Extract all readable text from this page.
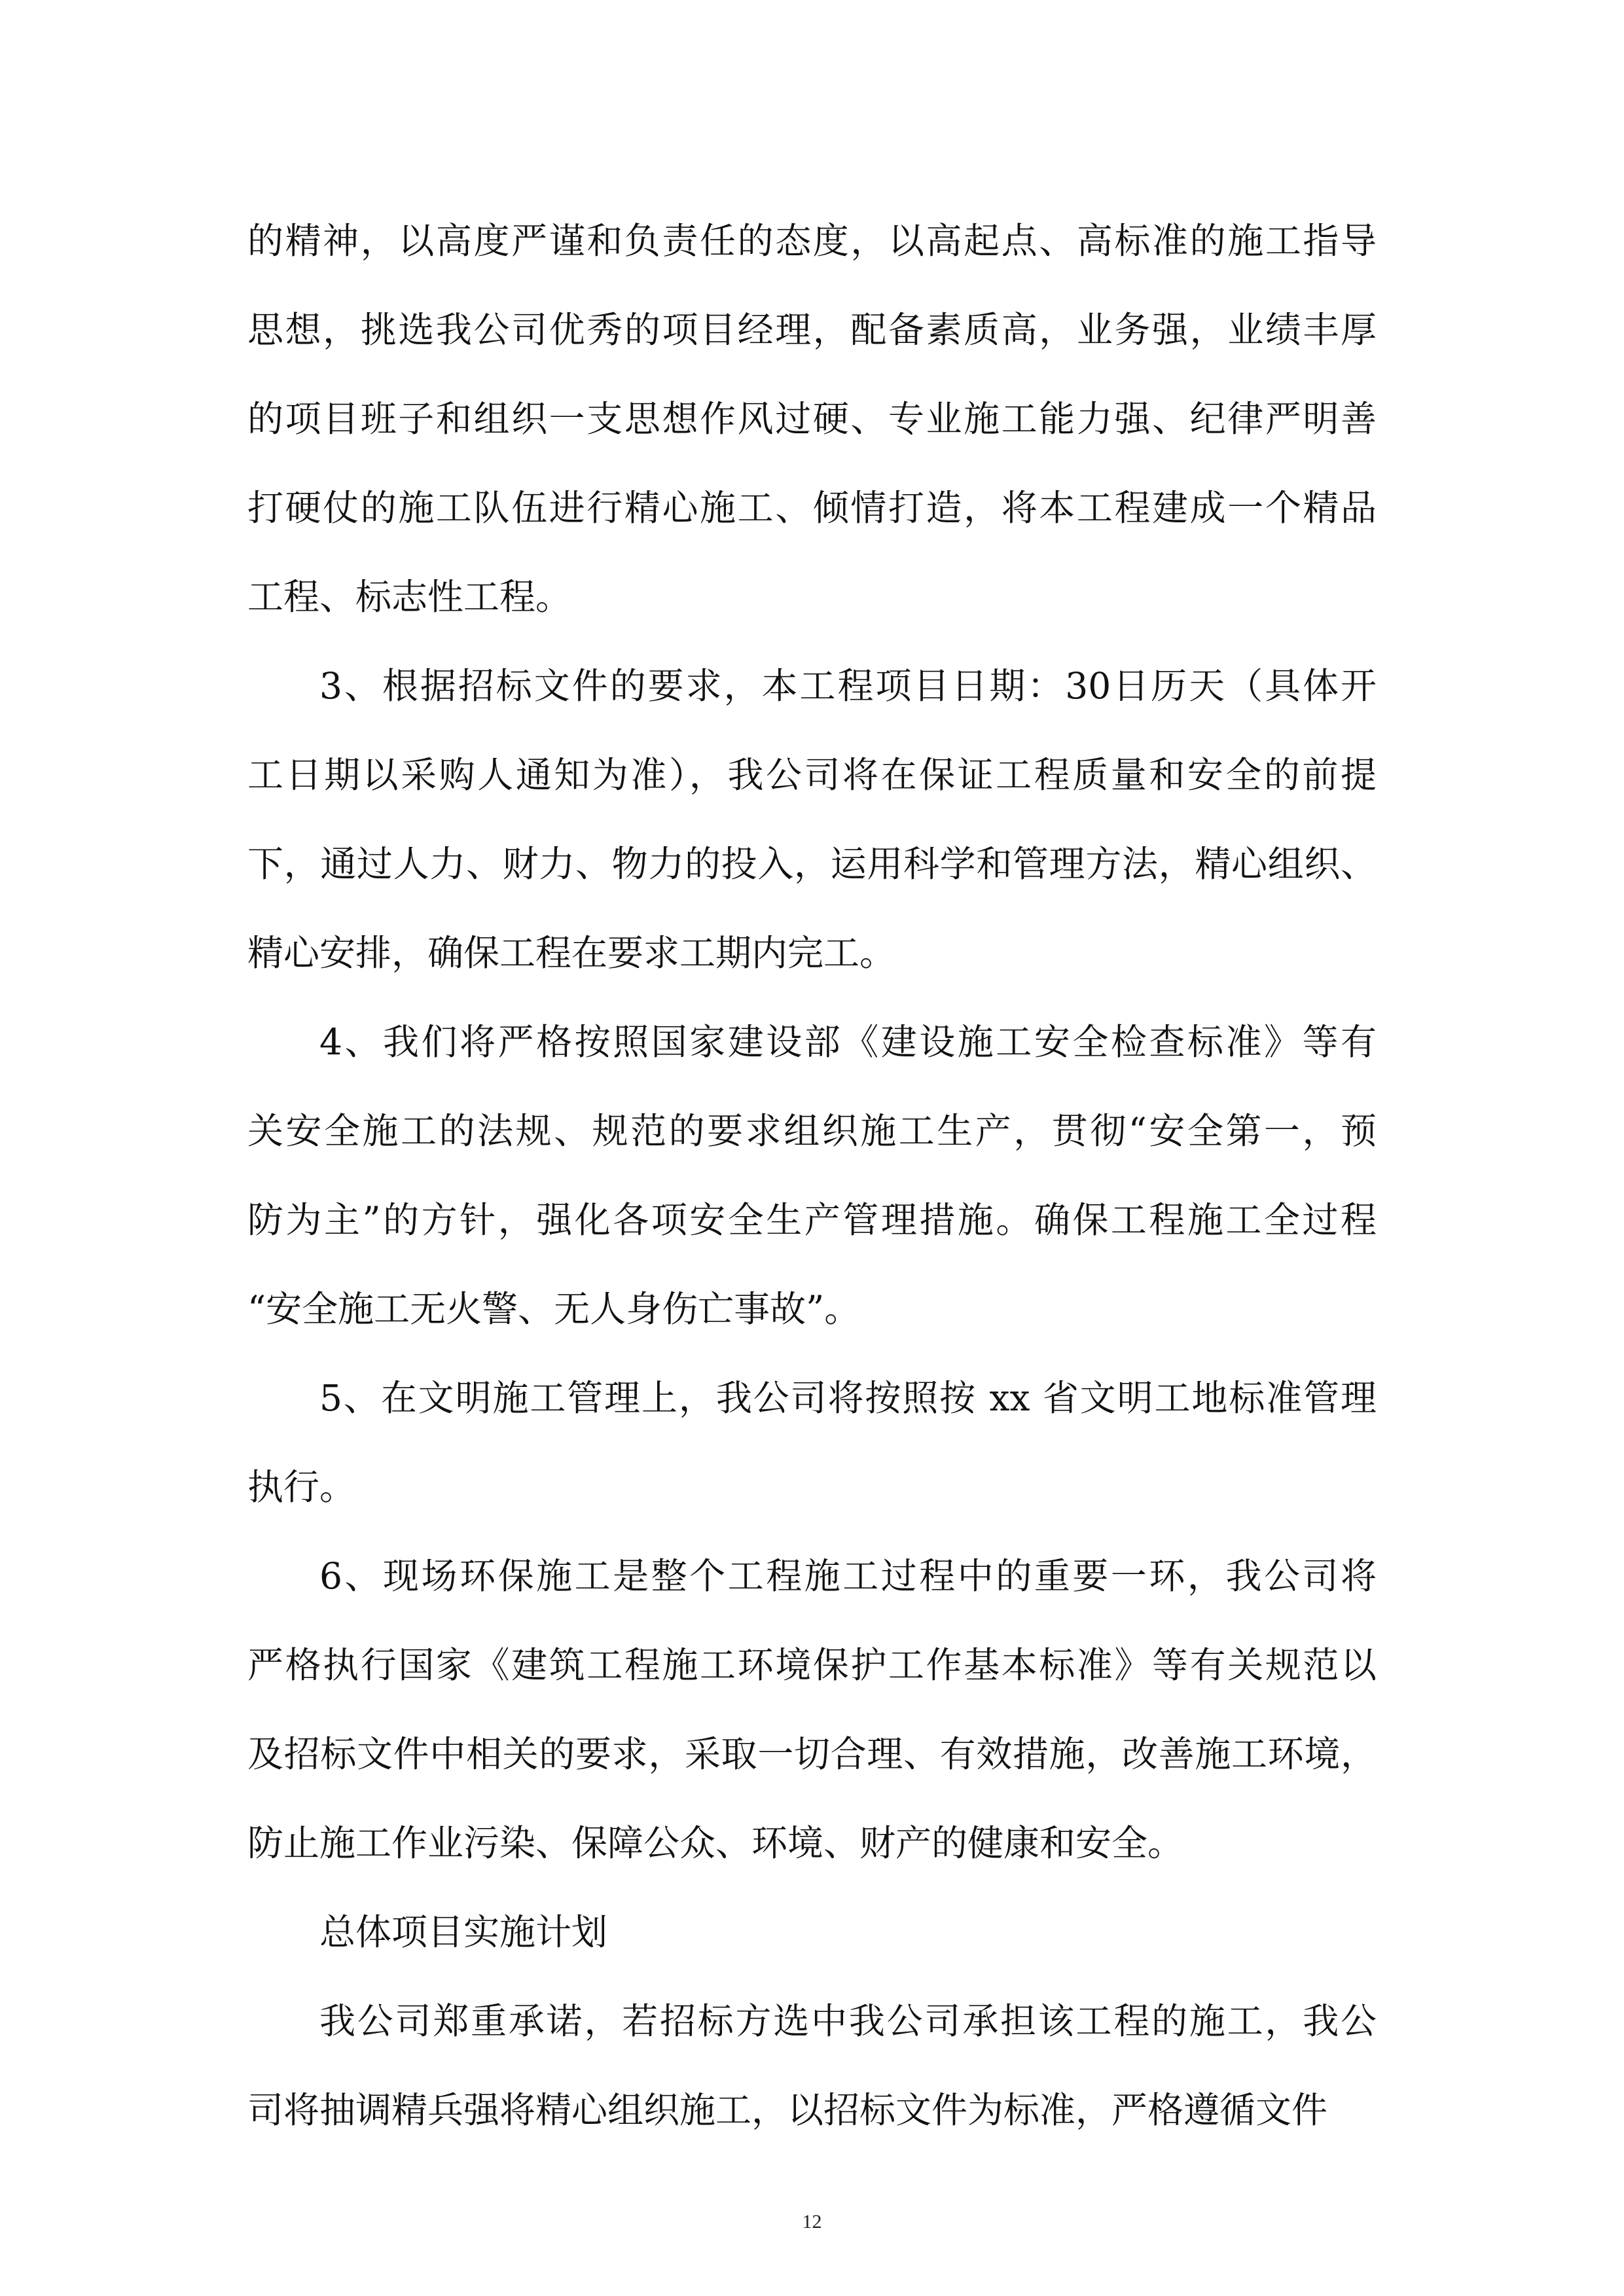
的精神，以高度严谨和负责任的态度，以高起点、高标准的施工指导
思想，挑选我公司优秀的项目经理，配备素质高，业务强，业绩丰厚
的项目班子和组织一支思想作风过硬、专业施工能力强、纪律严明善
打硬仗的施工队伍进行精心施工、倾情打造，将本工程建成一个精品
工程、标志性工程。
3、根据招标文件的要求，本工程项目日期：30日历天（具体开
工日期以采购人通知为准），我公司将在保证工程质量和安全的前提
下，通过人力、财力、物力的投入，运用科学和管理方法，精心组织、
精心安排，确保工程在要求工期内完工。
4、我们将严格按照国家建设部《建设施工安全检查标准》等有
关安全施工的法规、规范的要求组织施工生产，贯彻“安全第一，预
防为主”的方针，强化各项安全生产管理措施。确保工程施工全过程
“安全施工无火警、无人身伤亡事故”。
5、在文明施工管理上，我公司将按照按 xx 省文明工地标准管理
执行。
6、现场环保施工是整个工程施工过程中的重要一环，我公司将
严格执行国家《建筑工程施工环境保护工作基本标准》等有关规范以
及招标文件中相关的要求，采取一切合理、有效措施，改善施工环境，
防止施工作业污染、保障公众、环境、财产的健康和安全。
总体项目实施计划
我公司郑重承诺，若招标方选中我公司承担该工程的施工，我公
司将抽调精兵强将精心组织施工，以招标文件为标准，严格遵循文件
12
